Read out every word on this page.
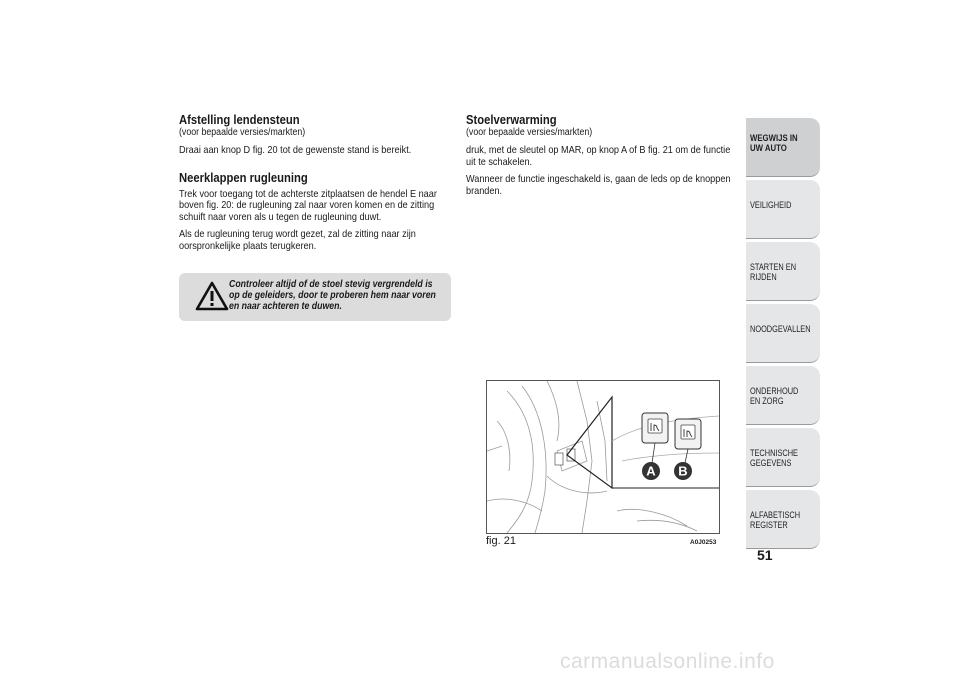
Afstelling lendensteun
(voor bepaalde versies/markten)

Draai aan knop D fig. 20 tot de gewenste stand is bereikt.

Neerklappen rugleuning

Trek voor toegang tot de achterste zitplaatsen de hendel E naar boven fig. 20: de rugleuning zal naar voren komen en de zitting schuift naar voren als u tegen de rugleuning duwt.

Als de rugleuning terug wordt gezet, zal de zitting naar zijn oorspronkelijke plaats terugkeren.

Controleer altijd of de stoel stevig vergrendeld is op de geleiders, door te proberen hem naar voren en naar achteren te duwen.
Stoelverwarming
(voor bepaalde versies/markten)

druk, met de sleutel op MAR, op knop A of B fig. 21 om de functie uit te schakelen.

Wanneer de functie ingeschakeld is, gaan de leds op de knoppen branden.

A B
fig. 21	A0J0253
WEGWIJS IN UW AUTO
VEILIGHEID
STARTEN EN RIJDEN
NOODGEVALLEN
ONDERHOUD EN ZORG
TECHNISCHE GEGEVENS
ALFABETISCH REGISTER
51
carmanualsonline.info
